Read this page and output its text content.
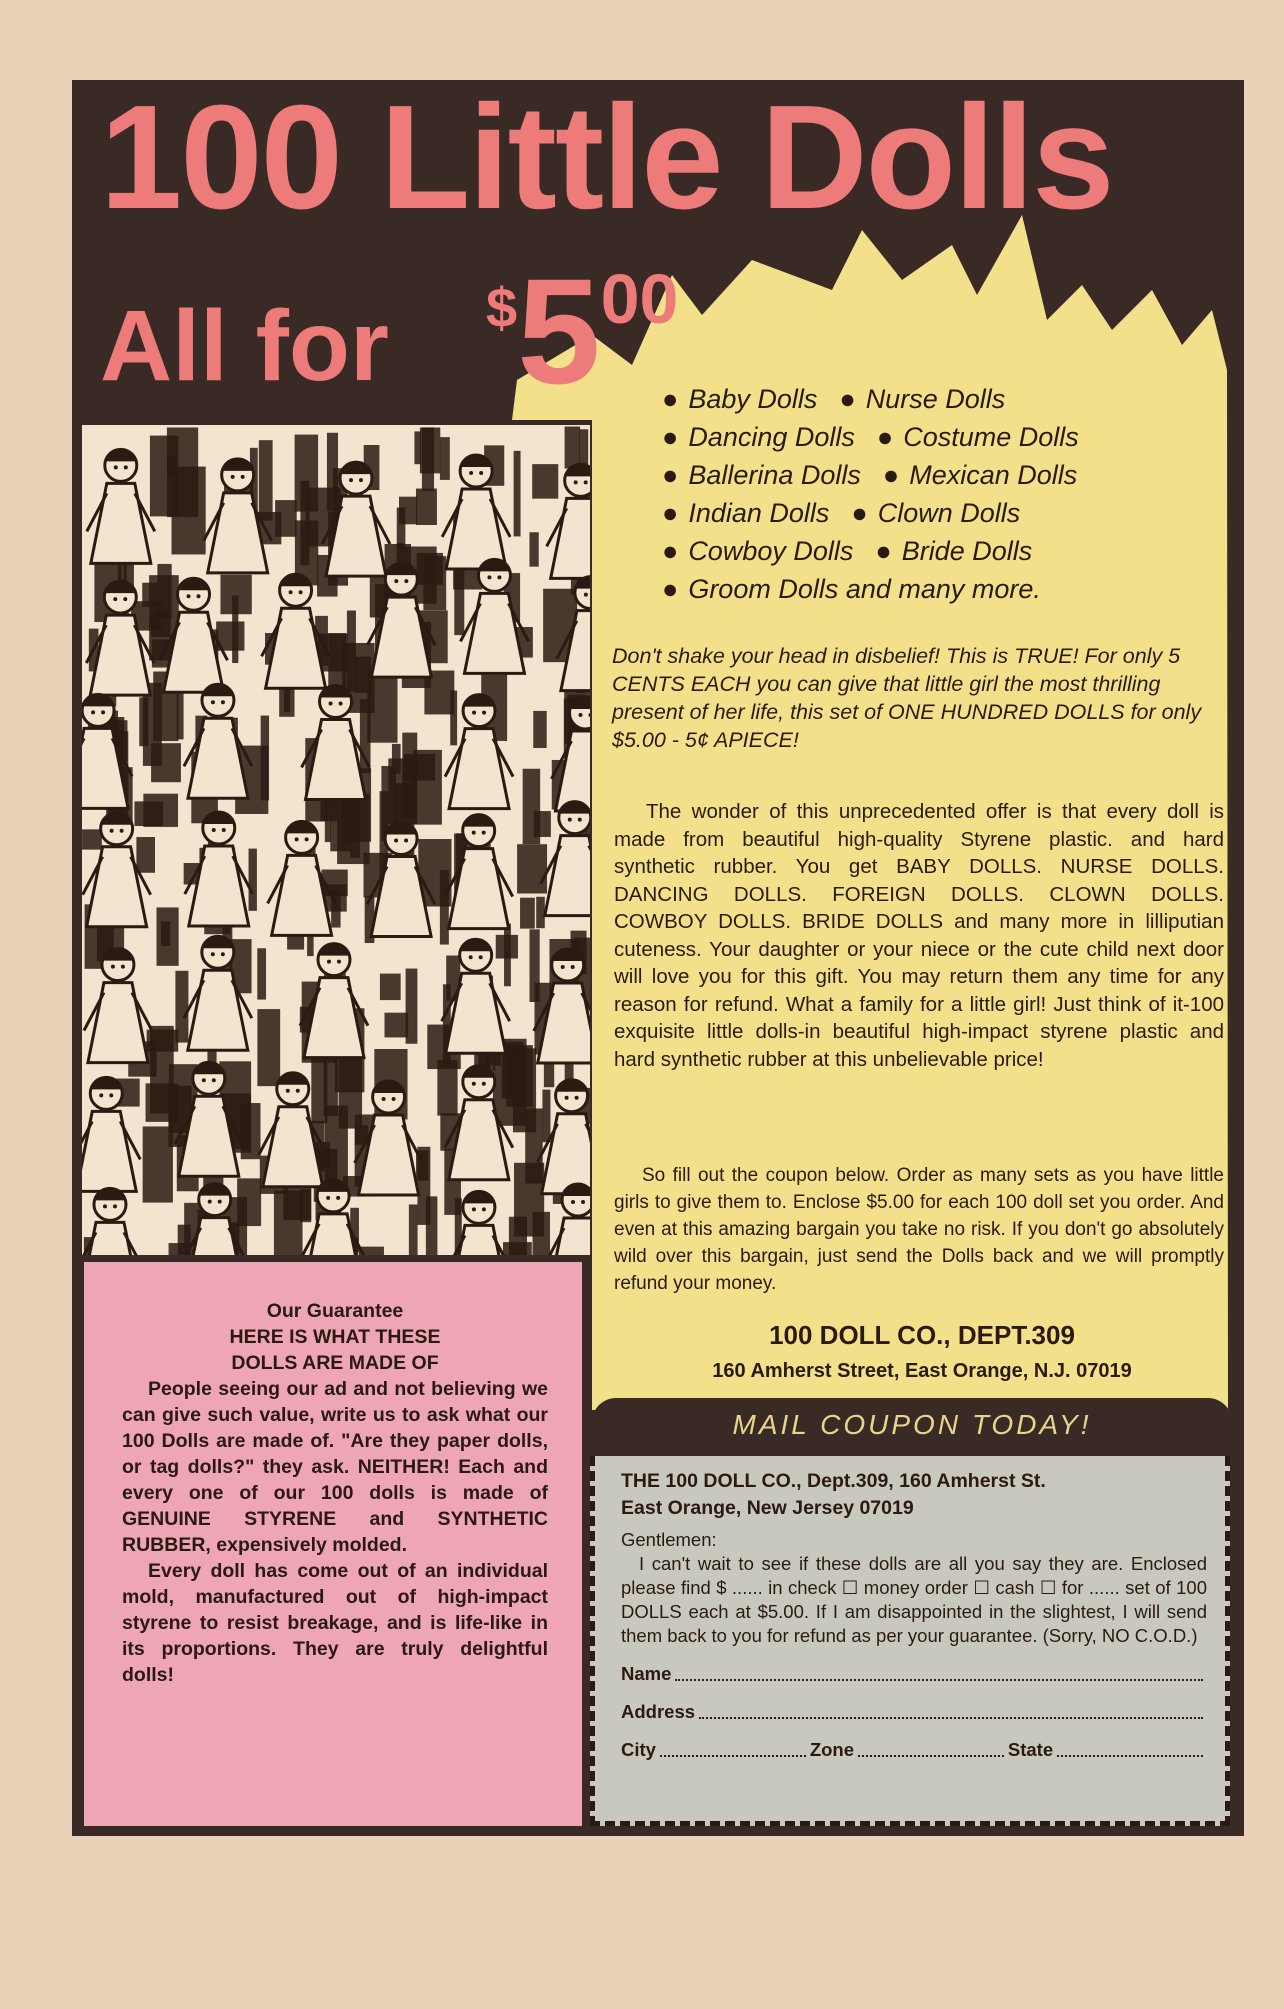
100 Little Dolls
All for $500
● Baby Dolls ● Nurse Dolls
● Dancing Dolls ● Costume Dolls
● Ballerina Dolls ● Mexican Dolls
● Indian Dolls ● Clown Dolls
● Cowboy Dolls ● Bride Dolls
● Groom Dolls and many more.
Don't shake your head in disbelief! This is TRUE! For only 5 CENTS EACH you can give that little girl the most thrilling present of her life, this set of ONE HUNDRED DOLLS for only $5.00 - 5¢ APIECE!
The wonder of this unprecedented offer is that every doll is made from beautiful high-quality Styrene plastic. and hard synthetic rubber. You get BABY DOLLS. NURSE DOLLS. DANCING DOLLS. FOREIGN DOLLS. CLOWN DOLLS. COWBOY DOLLS. BRIDE DOLLS and many more in lilliputian cuteness. Your daughter or your niece or the cute child next door will love you for this gift. You may return them any time for any reason for refund. What a family for a little girl! Just think of it-100 exquisite little dolls-in beautiful high-impact styrene plastic and hard synthetic rubber at this unbelievable price!
So fill out the coupon below. Order as many sets as you have little girls to give them to. Enclose $5.00 for each 100 doll set you order. And even at this amazing bargain you take no risk. If you don't go absolutely wild over this bargain, just send the Dolls back and we will promptly refund your money.
100 DOLL CO., DEPT.309
160 Amherst Street, East Orange, N.J. 07019
MAIL COUPON TODAY!
Our Guarantee
HERE IS WHAT THESE
DOLLS ARE MADE OF

People seeing our ad and not believing we can give such value, write us to ask what our 100 Dolls are made of. "Are they paper dolls, or tag dolls?" they ask. NEITHER! Each and every one of our 100 dolls is made of GENUINE STYRENE and SYNTHETIC RUBBER, expensively molded.

Every doll has come out of an individual mold, manufactured out of high-impact styrene to resist breakage, and is life-like in its proportions. They are truly delightful dolls!

THE 100 DOLL CO., Dept.309, 160 Amherst St.
East Orange, New Jersey 07019
Gentlemen:
I can't wait to see if these dolls are all you say they are. Enclosed please find $ ...... in check ☐ money order ☐ cash ☐ for ...... set of 100 DOLLS each at $5.00. If I am disappointed in the slightest, I will send them back to you for refund as per your guarantee. (Sorry, NO C.O.D.)
Name
Address
City	Zone	State
